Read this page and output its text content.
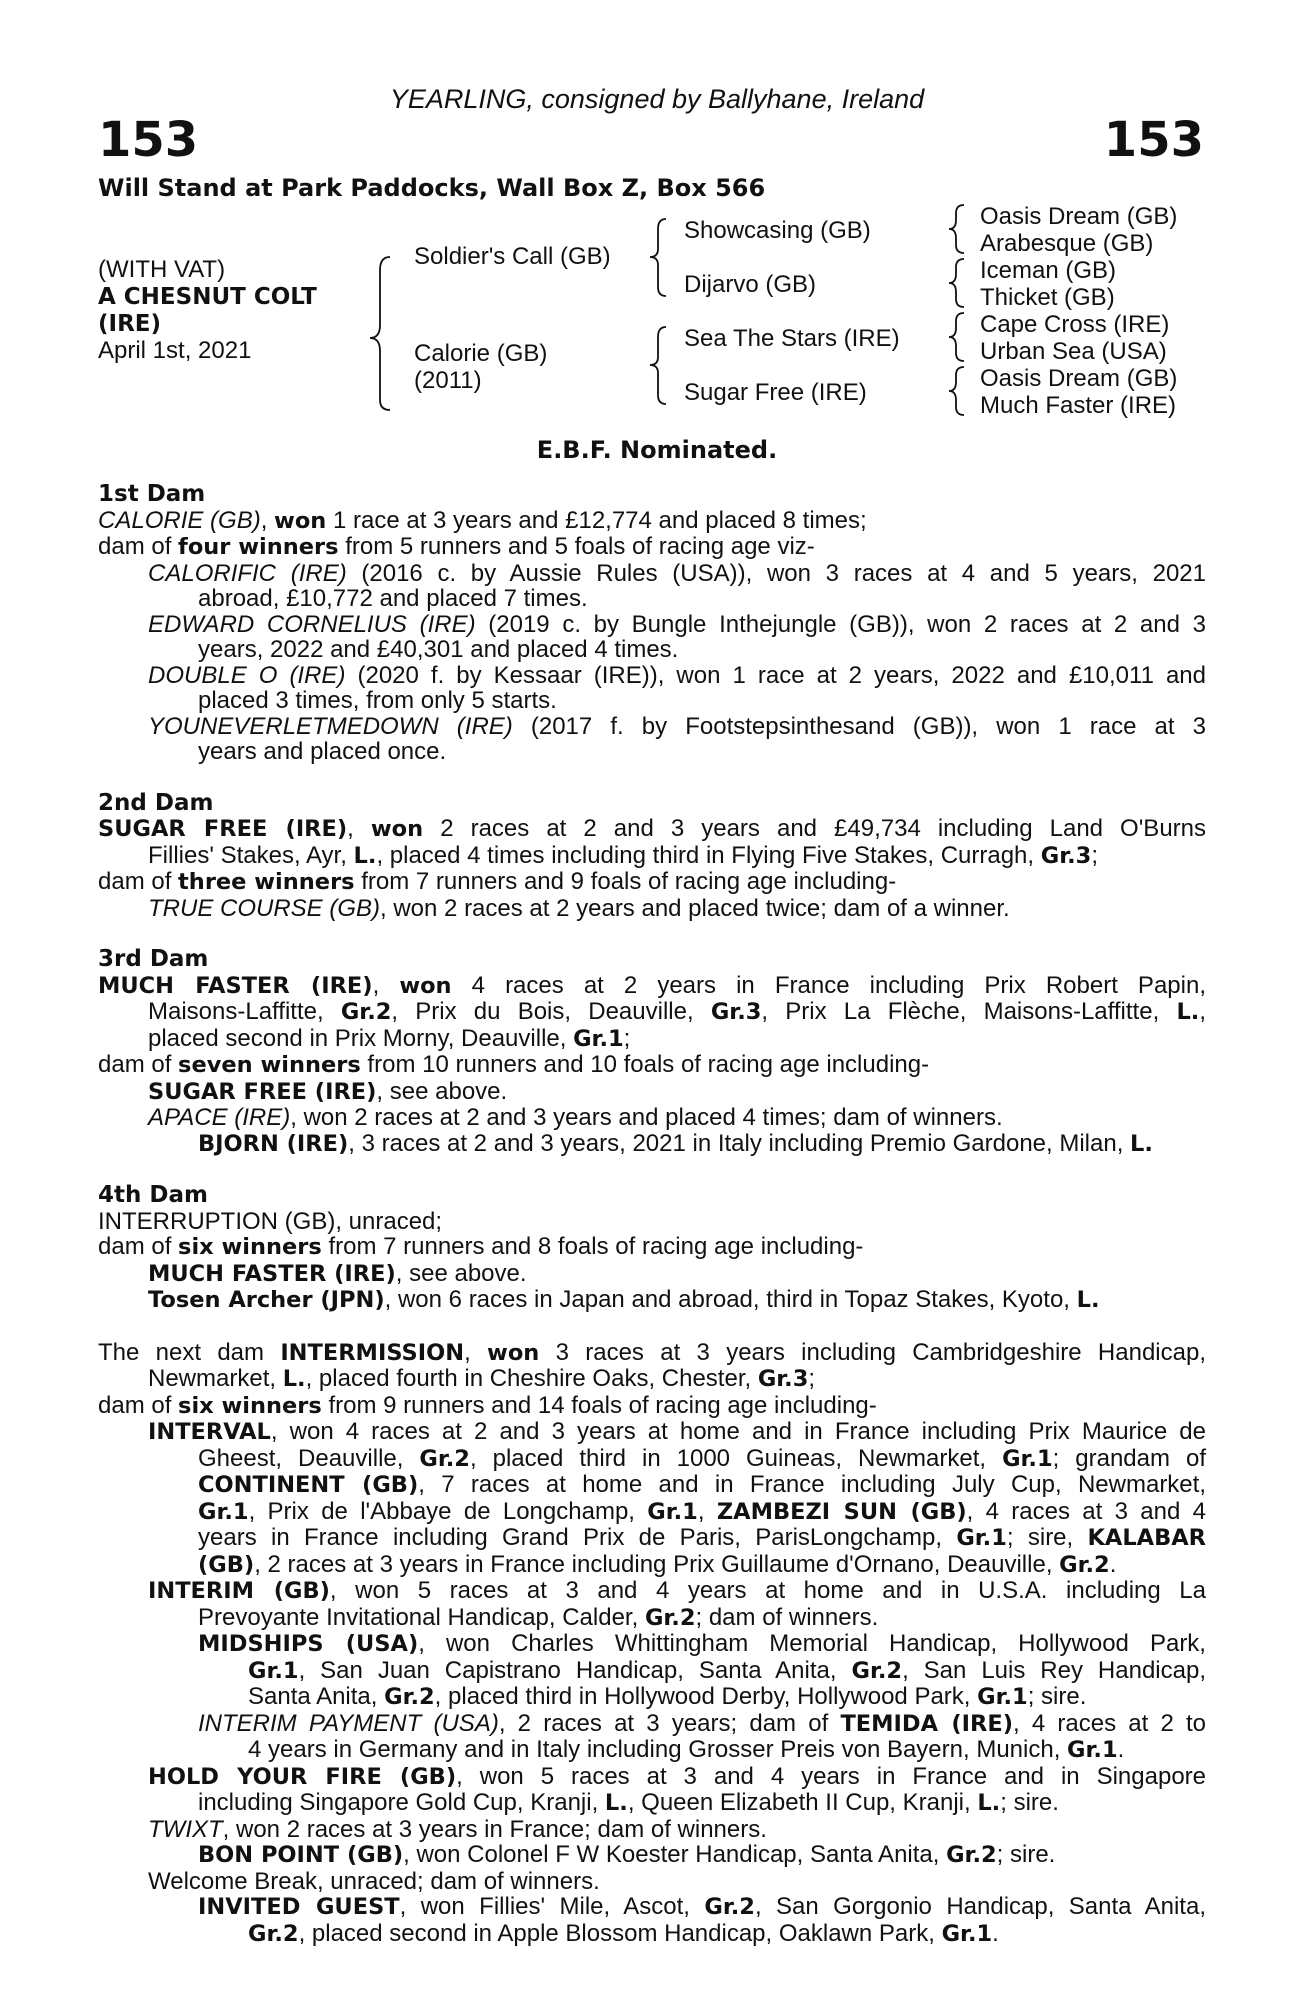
YEARLING, consigned by Ballyhane, Ireland
153	153
Will Stand at Park Paddocks, Wall Box Z, Box 566
(WITH VAT)
A CHESNUT COLT
(IRE)
April 1st, 2021
Soldier's Call (GB)
Calorie (GB)
(2011)
Showcasing (GB)
Dijarvo (GB)
Sea The Stars (IRE)
Sugar Free (IRE)
Oasis Dream (GB)
Arabesque (GB)
Iceman (GB)
Thicket (GB)
Cape Cross (IRE)
Urban Sea (USA)
Oasis Dream (GB)
Much Faster (IRE)
E.B.F. Nominated.
1st Dam
CALORIE (GB), won 1 race at 3 years and £12,774 and placed 8 times;
dam of four winners from 5 runners and 5 foals of racing age viz-
CALORIFIC (IRE) (2016 c. by Aussie Rules (USA)), won 3 races at 4 and 5 years, 2021
abroad, £10,772 and placed 7 times.
EDWARD CORNELIUS (IRE) (2019 c. by Bungle Inthejungle (GB)), won 2 races at 2 and 3
years, 2022 and £40,301 and placed 4 times.
DOUBLE O (IRE) (2020 f. by Kessaar (IRE)), won 1 race at 2 years, 2022 and £10,011 and
placed 3 times, from only 5 starts.
YOUNEVERLETMEDOWN (IRE) (2017 f. by Footstepsinthesand (GB)), won 1 race at 3
years and placed once.
2nd Dam
SUGAR FREE (IRE), won 2 races at 2 and 3 years and £49,734 including Land O'Burns
Fillies' Stakes, Ayr, L., placed 4 times including third in Flying Five Stakes, Curragh, Gr.3;
dam of three winners from 7 runners and 9 foals of racing age including-
TRUE COURSE (GB), won 2 races at 2 years and placed twice; dam of a winner.
3rd Dam
MUCH FASTER (IRE), won 4 races at 2 years in France including Prix Robert Papin,
Maisons-Laffitte, Gr.2, Prix du Bois, Deauville, Gr.3, Prix La Flèche, Maisons-Laffitte, L.,
placed second in Prix Morny, Deauville, Gr.1;
dam of seven winners from 10 runners and 10 foals of racing age including-
SUGAR FREE (IRE), see above.
APACE (IRE), won 2 races at 2 and 3 years and placed 4 times; dam of winners.
BJORN (IRE), 3 races at 2 and 3 years, 2021 in Italy including Premio Gardone, Milan, L.
4th Dam
INTERRUPTION (GB), unraced;
dam of six winners from 7 runners and 8 foals of racing age including-
MUCH FASTER (IRE), see above.
Tosen Archer (JPN), won 6 races in Japan and abroad, third in Topaz Stakes, Kyoto, L.
The next dam INTERMISSION, won 3 races at 3 years including Cambridgeshire Handicap,
Newmarket, L., placed fourth in Cheshire Oaks, Chester, Gr.3;
dam of six winners from 9 runners and 14 foals of racing age including-
INTERVAL, won 4 races at 2 and 3 years at home and in France including Prix Maurice de
Gheest, Deauville, Gr.2, placed third in 1000 Guineas, Newmarket, Gr.1; grandam of
CONTINENT (GB), 7 races at home and in France including July Cup, Newmarket,
Gr.1, Prix de l'Abbaye de Longchamp, Gr.1, ZAMBEZI SUN (GB), 4 races at 3 and 4
years in France including Grand Prix de Paris, ParisLongchamp, Gr.1; sire, KALABAR
(GB), 2 races at 3 years in France including Prix Guillaume d'Ornano, Deauville, Gr.2.
INTERIM (GB), won 5 races at 3 and 4 years at home and in U.S.A. including La
Prevoyante Invitational Handicap, Calder, Gr.2; dam of winners.
MIDSHIPS (USA), won Charles Whittingham Memorial Handicap, Hollywood Park,
Gr.1, San Juan Capistrano Handicap, Santa Anita, Gr.2, San Luis Rey Handicap,
Santa Anita, Gr.2, placed third in Hollywood Derby, Hollywood Park, Gr.1; sire.
INTERIM PAYMENT (USA), 2 races at 3 years; dam of TEMIDA (IRE), 4 races at 2 to
4 years in Germany and in Italy including Grosser Preis von Bayern, Munich, Gr.1.
HOLD YOUR FIRE (GB), won 5 races at 3 and 4 years in France and in Singapore
including Singapore Gold Cup, Kranji, L., Queen Elizabeth II Cup, Kranji, L.; sire.
TWIXT, won 2 races at 3 years in France; dam of winners.
BON POINT (GB), won Colonel F W Koester Handicap, Santa Anita, Gr.2; sire.
Welcome Break, unraced; dam of winners.
INVITED GUEST, won Fillies' Mile, Ascot, Gr.2, San Gorgonio Handicap, Santa Anita,
Gr.2, placed second in Apple Blossom Handicap, Oaklawn Park, Gr.1.
